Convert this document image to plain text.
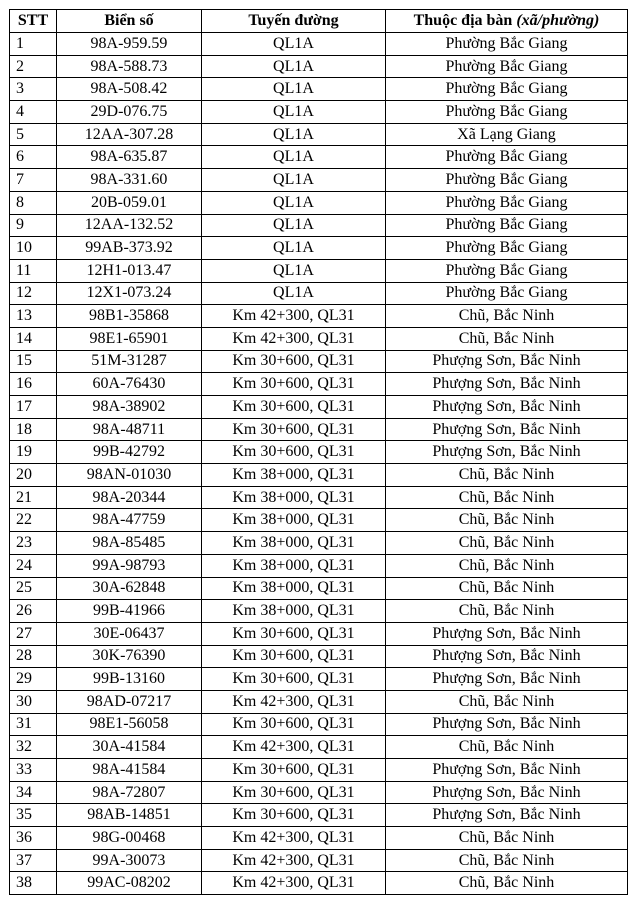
STT	Biển số	Tuyến đường	Thuộc địa bàn (xã/phường)
1	98A-959.59	QL1A	Phường Bắc Giang
2	98A-588.73	QL1A	Phường Bắc Giang
3	98A-508.42	QL1A	Phường Bắc Giang
4	29D-076.75	QL1A	Phường Bắc Giang
5	12AA-307.28	QL1A	Xã Lạng Giang
6	98A-635.87	QL1A	Phường Bắc Giang
7	98A-331.60	QL1A	Phường Bắc Giang
8	20B-059.01	QL1A	Phường Bắc Giang
9	12AA-132.52	QL1A	Phường Bắc Giang
10	99AB-373.92	QL1A	Phường Bắc Giang
11	12H1-013.47	QL1A	Phường Bắc Giang
12	12X1-073.24	QL1A	Phường Bắc Giang
13	98B1-35868	Km 42+300, QL31	Chũ, Bắc Ninh
14	98E1-65901	Km 42+300, QL31	Chũ, Bắc Ninh
15	51M-31287	Km 30+600, QL31	Phượng Sơn, Bắc Ninh
16	60A-76430	Km 30+600, QL31	Phượng Sơn, Bắc Ninh
17	98A-38902	Km 30+600, QL31	Phượng Sơn, Bắc Ninh
18	98A-48711	Km 30+600, QL31	Phượng Sơn, Bắc Ninh
19	99B-42792	Km 30+600, QL31	Phượng Sơn, Bắc Ninh
20	98AN-01030	Km 38+000, QL31	Chũ, Bắc Ninh
21	98A-20344	Km 38+000, QL31	Chũ, Bắc Ninh
22	98A-47759	Km 38+000, QL31	Chũ, Bắc Ninh
23	98A-85485	Km 38+000, QL31	Chũ, Bắc Ninh
24	99A-98793	Km 38+000, QL31	Chũ, Bắc Ninh
25	30A-62848	Km 38+000, QL31	Chũ, Bắc Ninh
26	99B-41966	Km 38+000, QL31	Chũ, Bắc Ninh
27	30E-06437	Km 30+600, QL31	Phượng Sơn, Bắc Ninh
28	30K-76390	Km 30+600, QL31	Phượng Sơn, Bắc Ninh
29	99B-13160	Km 30+600, QL31	Phượng Sơn, Bắc Ninh
30	98AD-07217	Km 42+300, QL31	Chũ, Bắc Ninh
31	98E1-56058	Km 30+600, QL31	Phượng Sơn, Bắc Ninh
32	30A-41584	Km 42+300, QL31	Chũ, Bắc Ninh
33	98A-41584	Km 30+600, QL31	Phượng Sơn, Bắc Ninh
34	98A-72807	Km 30+600, QL31	Phượng Sơn, Bắc Ninh
35	98AB-14851	Km 30+600, QL31	Phượng Sơn, Bắc Ninh
36	98G-00468	Km 42+300, QL31	Chũ, Bắc Ninh
37	99A-30073	Km 42+300, QL31	Chũ, Bắc Ninh
38	99AC-08202	Km 42+300, QL31	Chũ, Bắc Ninh
